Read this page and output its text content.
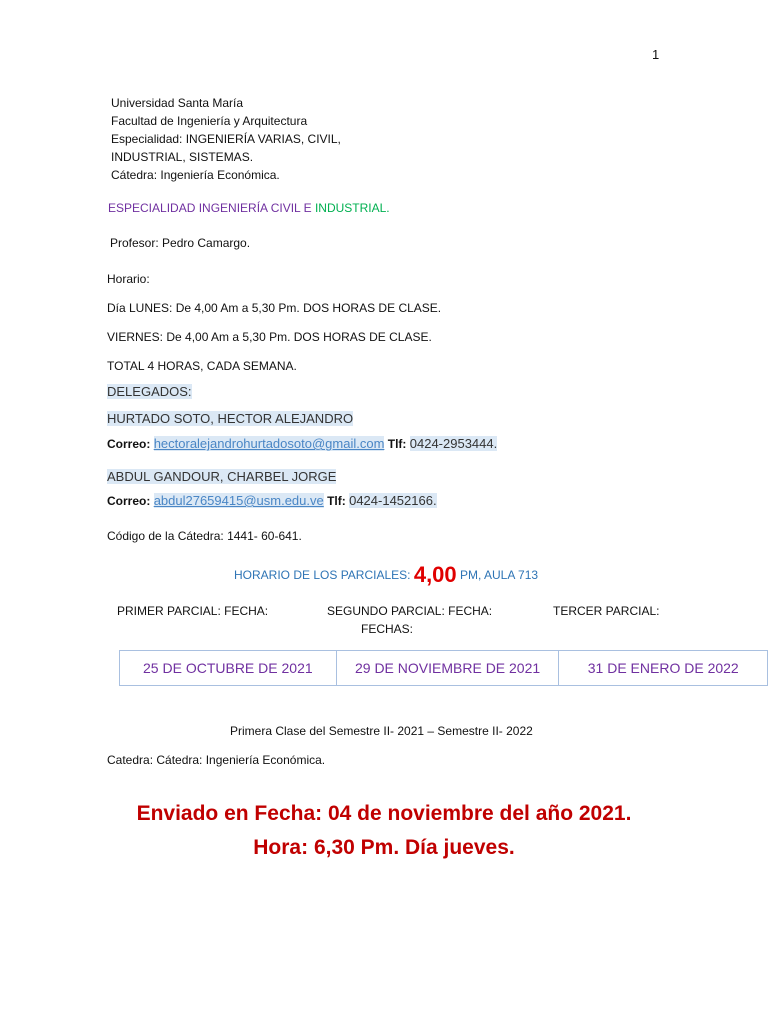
1
Universidad Santa María
Facultad de Ingeniería y Arquitectura
Especialidad: INGENIERÍA VARIAS, CIVIL,
INDUSTRIAL, SISTEMAS.
Cátedra: Ingeniería Económica.
ESPECIALIDAD INGENIERÍA CIVIL E INDUSTRIAL.
Profesor: Pedro Camargo.
Horario:
Día LUNES: De 4,00 Am a 5,30 Pm. DOS HORAS DE CLASE.
VIERNES: De 4,00 Am a 5,30 Pm. DOS HORAS DE CLASE.
TOTAL 4 HORAS, CADA SEMANA.
DELEGADOS:
HURTADO SOTO, HECTOR ALEJANDRO
Correo: hectoralejandrohurtadosoto@gmail.com Tlf: 0424-2953444.
ABDUL GANDOUR, CHARBEL JORGE
Correo: abdul27659415@usm.edu.ve Tlf: 0424-1452166.
Código de la Cátedra: 1441- 60-641.
HORARIO DE LOS PARCIALES: 4,00 PM, AULA 713
PRIMER PARCIAL: FECHA:	SEGUNDO PARCIAL: FECHA:	TERCER PARCIAL:
FECHAS:
25 DE OCTUBRE DE 2021	29 DE NOVIEMBRE DE 2021	31 DE ENERO DE 2022
Primera Clase del Semestre II- 2021 – Semestre II- 2022
Catedra: Cátedra: Ingeniería Económica.
Enviado en Fecha: 04 de noviembre del año 2021.
Hora: 6,30 Pm. Día jueves.
